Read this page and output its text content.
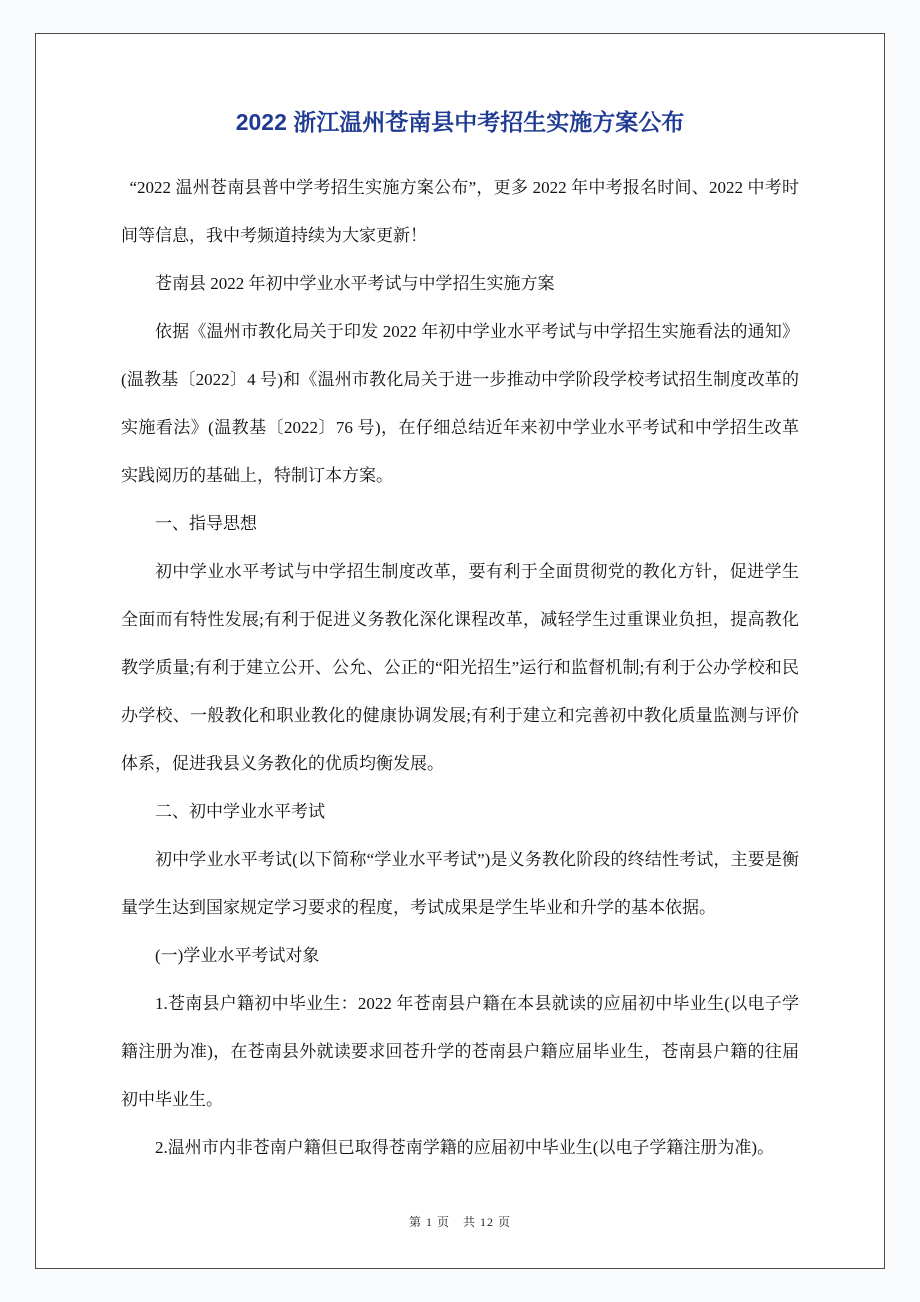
2022 浙江温州苍南县中考招生实施方案公布

“2022 温州苍南县普中学考招生实施方案公布”，更多 2022 年中考报名时间、2022 中考时间等信息，我中考频道持续为大家更新！

苍南县 2022 年初中学业水平考试与中学招生实施方案

依据《温州市教化局关于印发 2022 年初中学业水平考试与中学招生实施看法的通知》(温教基〔2022〕4 号)和《温州市教化局关于进一步推动中学阶段学校考试招生制度改革的实施看法》(温教基〔2022〕76 号)，在仔细总结近年来初中学业水平考试和中学招生改革实践阅历的基础上，特制订本方案。

一、指导思想

初中学业水平考试与中学招生制度改革，要有利于全面贯彻党的教化方针，促进学生全面而有特性发展;有利于促进义务教化深化课程改革，减轻学生过重课业负担，提高教化教学质量;有利于建立公开、公允、公正的“阳光招生”运行和监督机制;有利于公办学校和民办学校、一般教化和职业教化的健康协调发展;有利于建立和完善初中教化质量监测与评价体系，促进我县义务教化的优质均衡发展。

二、初中学业水平考试

初中学业水平考试(以下简称“学业水平考试”)是义务教化阶段的终结性考试，主要是衡量学生达到国家规定学习要求的程度，考试成果是学生毕业和升学的基本依据。

(一)学业水平考试对象

1.苍南县户籍初中毕业生：2022 年苍南县户籍在本县就读的应届初中毕业生(以电子学籍注册为准)，在苍南县外就读要求回苍升学的苍南县户籍应届毕业生，苍南县户籍的往届初中毕业生。

2.温州市内非苍南户籍但已取得苍南学籍的应届初中毕业生(以电子学籍注册为准)。

第 1 页　共 12 页
